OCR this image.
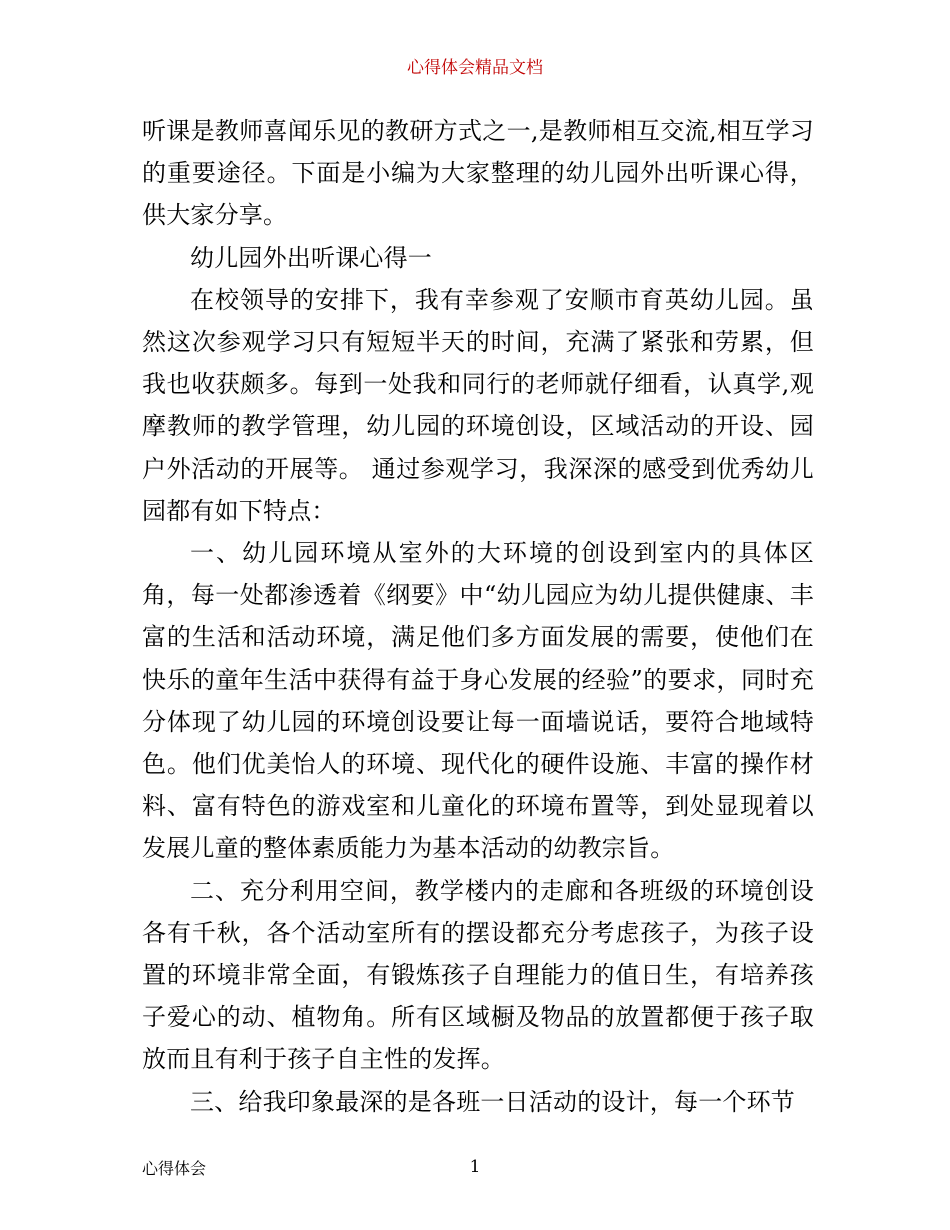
心得体会精品文档

听课是教师喜闻乐见的教研方式之一,是教师相互交流,相互学习的重要途径。下面是小编为大家整理的幼儿园外出听课心得，供大家分享。

幼儿园外出听课心得一

在校领导的安排下，我有幸参观了安顺市育英幼儿园。虽然这次参观学习只有短短半天的时间，充满了紧张和劳累，但我也收获颇多。每到一处我和同行的老师就仔细看，认真学,观摩教师的教学管理，幼儿园的环境创设，区域活动的开设、园户外活动的开展等。 通过参观学习，我深深的感受到优秀幼儿园都有如下特点：

一、幼儿园环境从室外的大环境的创设到室内的具体区角，每一处都渗透着《纲要》中“幼儿园应为幼儿提供健康、丰富的生活和活动环境，满足他们多方面发展的需要，使他们在快乐的童年生活中获得有益于身心发展的经验”的要求，同时充分体现了幼儿园的环境创设要让每一面墙说话，要符合地域特色。他们优美怡人的环境、现代化的硬件设施、丰富的操作材料、富有特色的游戏室和儿童化的环境布置等，到处显现着以发展儿童的整体素质能力为基本活动的幼教宗旨。

二、充分利用空间，教学楼内的走廊和各班级的环境创设各有千秋，各个活动室所有的摆设都充分考虑孩子，为孩子设置的环境非常全面，有锻炼孩子自理能力的值日生，有培养孩子爱心的动、植物角。所有区域橱及物品的放置都便于孩子取放而且有利于孩子自主性的发挥。

三、给我印象最深的是各班一日活动的设计，每一个环节

心得体会	1
